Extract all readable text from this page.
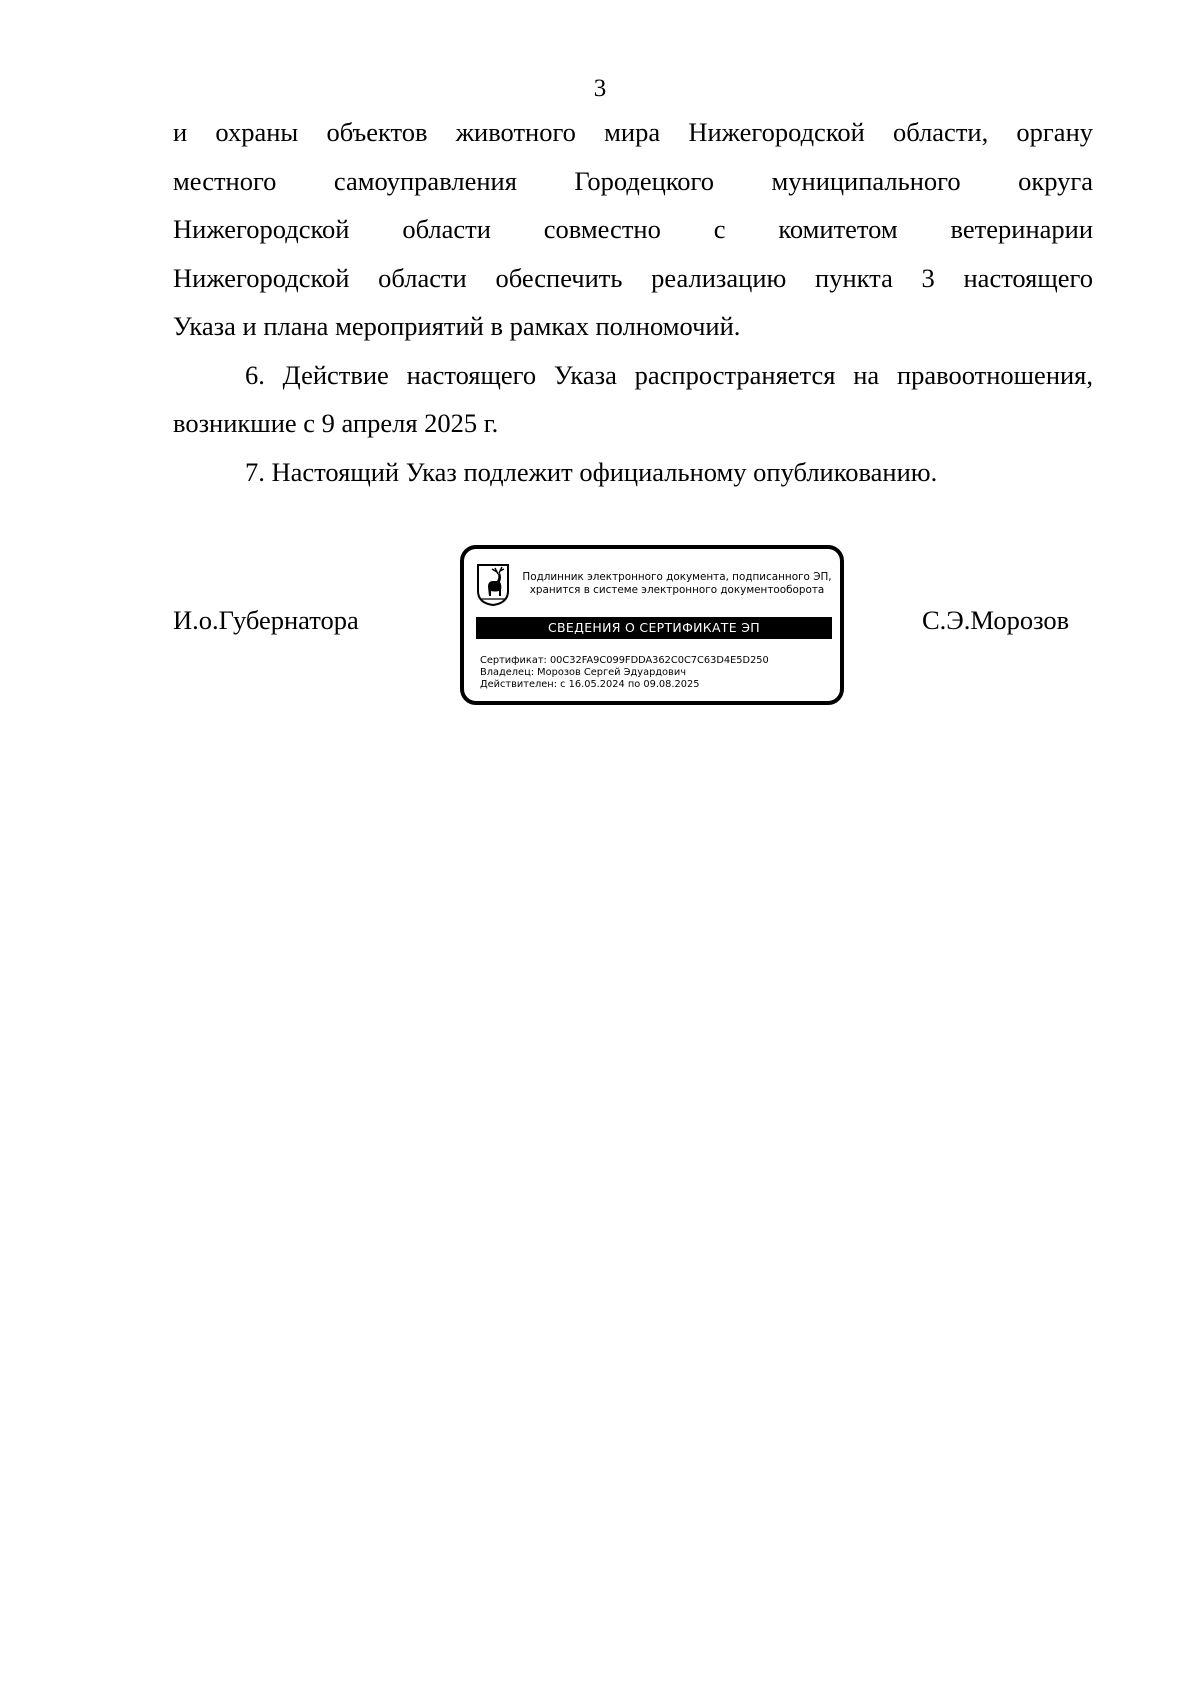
3

и охраны объектов животного мира Нижегородской области, органу
местного самоуправления Городецкого муниципального округа
Нижегородской области совместно с комитетом ветеринарии
Нижегородской области обеспечить реализацию пункта 3 настоящего
Указа и плана мероприятий в рамках полномочий.

6. Действие настоящего Указа распространяется на правоотношения,
возникшие с 9 апреля 2025 г.

7. Настоящий Указ подлежит официальному опубликованию.

И.о.Губернатора
Подлинник электронного документа, подписанного ЭП,
хранится в системе электронного документооборота
СВЕДЕНИЯ О СЕРТИФИКАТЕ ЭП
Сертификат: 00C32FA9C099FDDA362C0C7C63D4E5D250
Владелец: Морозов Сергей Эдуардович
Действителен: с 16.05.2024 по 09.08.2025
С.Э.Морозов
